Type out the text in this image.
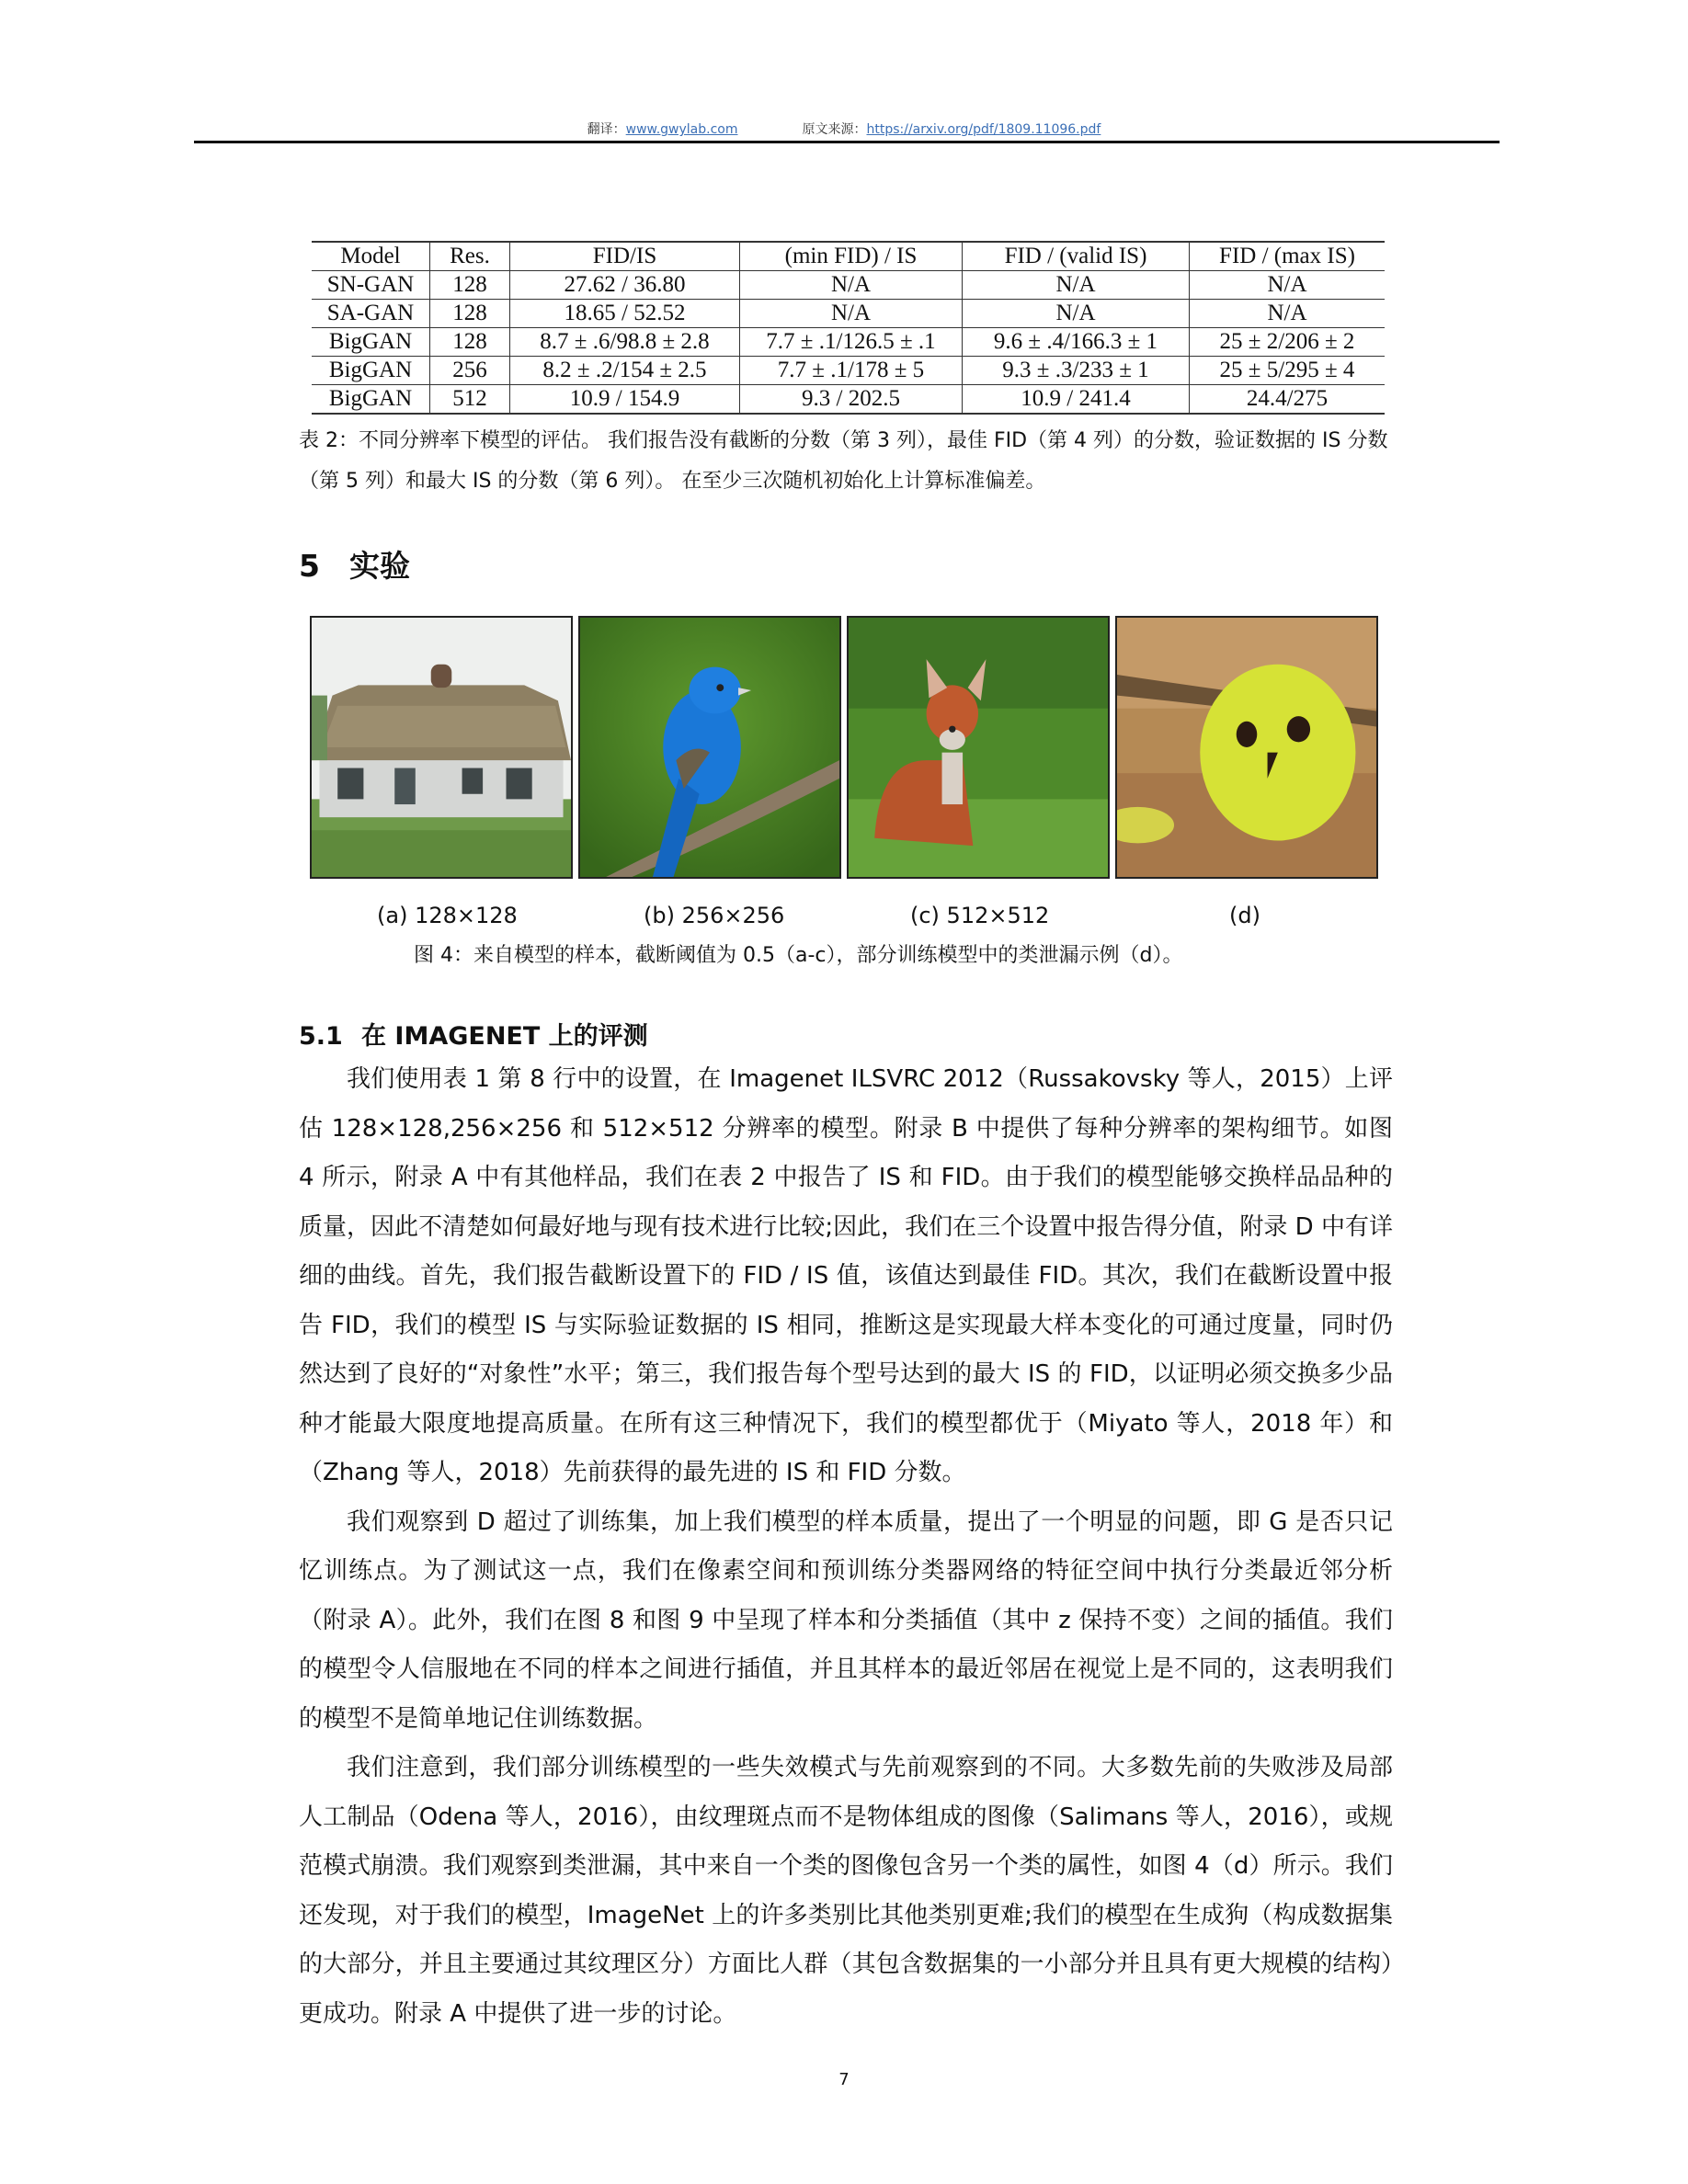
翻译：www.gwylab.com	原文来源：https://arxiv.org/pdf/1809.11096.pdf
Model	Res.	FID/IS	(min FID) / IS	FID / (valid IS)	FID / (max IS)
SN-GAN	128	27.62 / 36.80	N/A	N/A	N/A
SA-GAN	128	18.65 / 52.52	N/A	N/A	N/A
BigGAN	128	8.7 ± .6/98.8 ± 2.8	7.7 ± .1/126.5 ± .1	9.6 ± .4/166.3 ± 1	25 ± 2/206 ± 2
BigGAN	256	8.2 ± .2/154 ± 2.5	7.7 ± .1/178 ± 5	9.3 ± .3/233 ± 1	25 ± 5/295 ± 4
BigGAN	512	10.9 / 154.9	9.3 / 202.5	10.9 / 241.4	24.4/275
表 2：不同分辨率下模型的评估。 我们报告没有截断的分数（第 3 列），最佳 FID（第 4 列）的分数，验证数据的 IS 分数（第 5 列）和最大 IS 的分数（第 6 列）。 在至少三次随机初始化上计算标准偏差。
5 实验
(a) 128×128	(b) 256×256	(c) 512×512	(d)
图 4：来自模型的样本，截断阈值为 0.5（a-c），部分训练模型中的类泄漏示例（d）。
5.1 在 IMAGENET 上的评测

我们使用表 1 第 8 行中的设置，在 Imagenet ILSVRC 2012（Russakovsky 等人，2015）上评估 128×128,256×256 和 512×512 分辨率的模型。附录 B 中提供了每种分辨率的架构细节。如图 4 所示，附录 A 中有其他样品，我们在表 2 中报告了 IS 和 FID。由于我们的模型能够交换样品品种的质量，因此不清楚如何最好地与现有技术进行比较;因此，我们在三个设置中报告得分值，附录 D 中有详细的曲线。首先，我们报告截断设置下的 FID / IS 值，该值达到最佳 FID。其次，我们在截断设置中报告 FID，我们的模型 IS 与实际验证数据的 IS 相同，推断这是实现最大样本变化的可通过度量，同时仍然达到了良好的“对象性”水平；第三，我们报告每个型号达到的最大 IS 的 FID，以证明必须交换多少品种才能最大限度地提高质量。在所有这三种情况下，我们的模型都优于（Miyato 等人，2018 年）和（Zhang 等人，2018）先前获得的最先进的 IS 和 FID 分数。

我们观察到 D 超过了训练集，加上我们模型的样本质量，提出了一个明显的问题，即 G 是否只记忆训练点。为了测试这一点，我们在像素空间和预训练分类器网络的特征空间中执行分类最近邻分析（附录 A）。此外，我们在图 8 和图 9 中呈现了样本和分类插值（其中 z 保持不变）之间的插值。我们的模型令人信服地在不同的样本之间进行插值，并且其样本的最近邻居在视觉上是不同的，这表明我们的模型不是简单地记住训练数据。

我们注意到，我们部分训练模型的一些失效模式与先前观察到的不同。大多数先前的失败涉及局部人工制品（Odena 等人，2016），由纹理斑点而不是物体组成的图像（Salimans 等人，2016），或规范模式崩溃。我们观察到类泄漏，其中来自一个类的图像包含另一个类的属性，如图 4（d）所示。我们还发现，对于我们的模型，ImageNet 上的许多类别比其他类别更难;我们的模型在生成狗（构成数据集的大部分，并且主要通过其纹理区分）方面比人群（其包含数据集的一小部分并且具有更大规模的结构）更成功。附录 A 中提供了进一步的讨论。

7
